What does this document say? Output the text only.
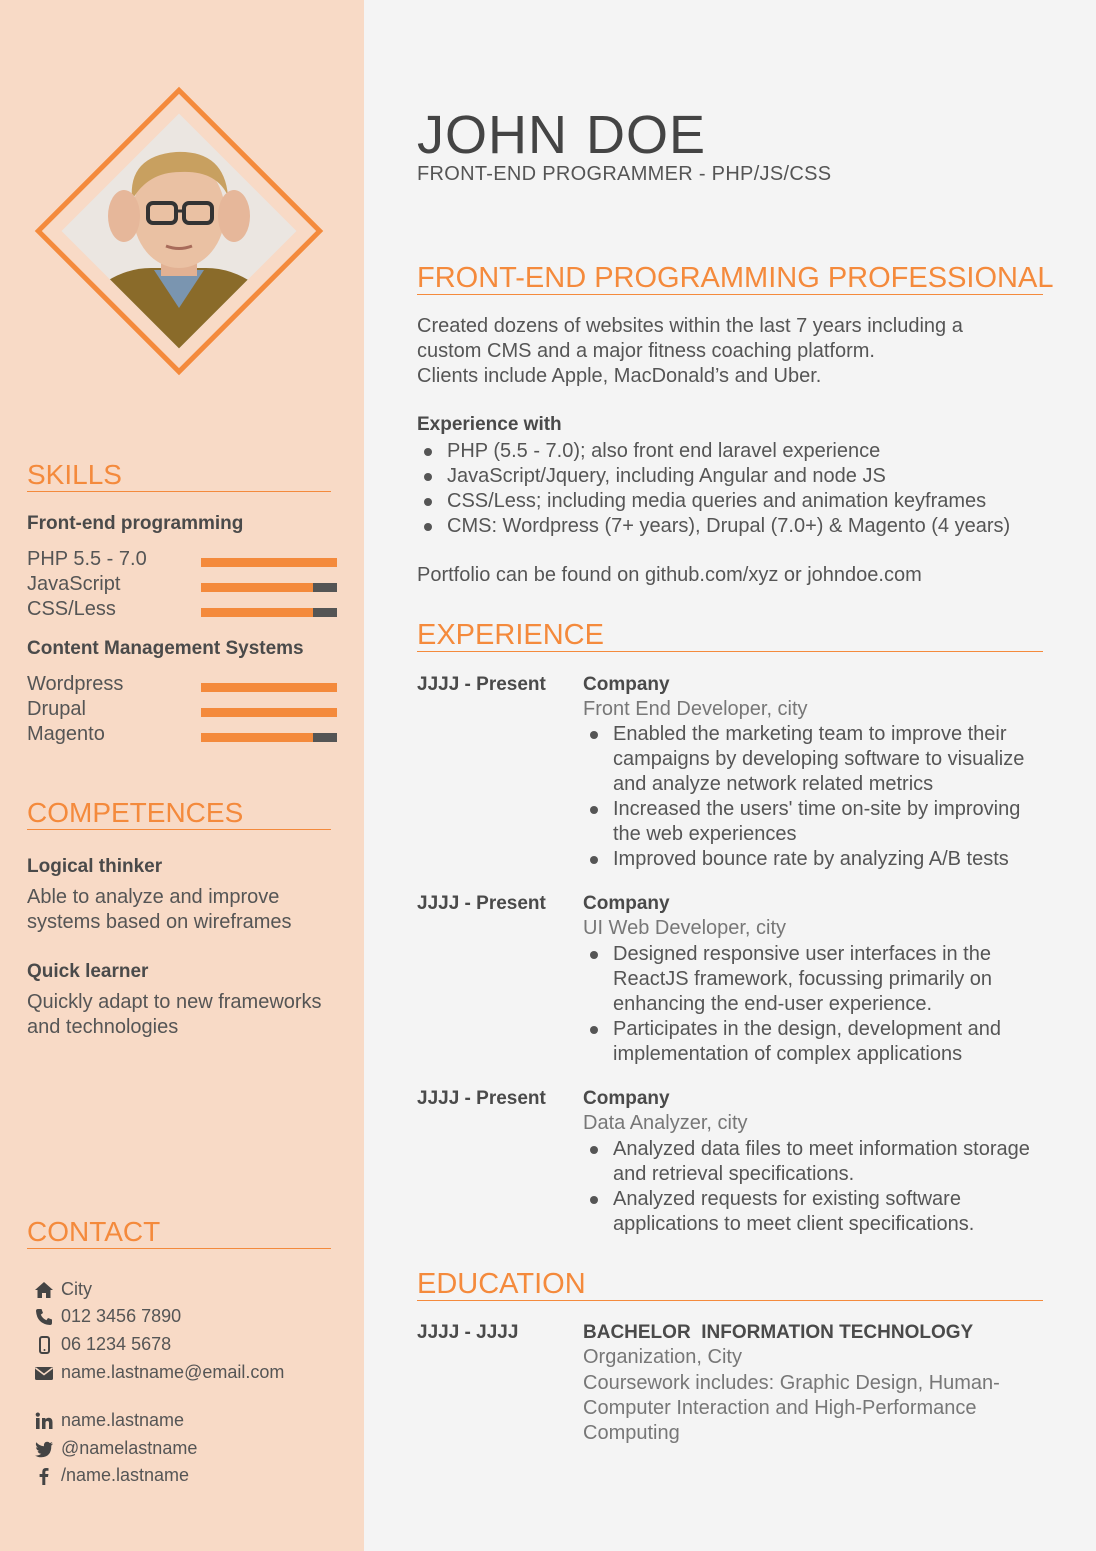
SKILLS
Front-end programming
PHP 5.5 - 7.0
JavaScript
CSS/Less
Content Management Systems
Wordpress
Drupal
Magento
COMPETENCES
Logical thinker
Able to analyze and improve systems based on wireframes
Quick learner
Quickly adapt to new frameworks and technologies
CONTACT
City
012 3456 7890
06 1234 5678
name.lastname@email.com
name.lastname
@namelastname
/name.lastname
JOHN DOE
FRONT-END PROGRAMMER - PHP/JS/CSS
FRONT-END PROGRAMMING PROFESSIONAL
Created dozens of websites within the last 7 years including a
custom CMS and a major fitness coaching platform.
Clients include Apple, MacDonald’s and Uber.
Experience with
PHP (5.5 - 7.0); also front end laravel experience
JavaScript/Jquery, including Angular and node JS
CSS/Less; including media queries and animation keyframes
CMS: Wordpress (7+ years), Drupal (7.0+) & Magento (4 years)
Portfolio can be found on github.com/xyz or johndoe.com
EXPERIENCE
JJJJ - Present Company
Front End Developer, city
Enabled the marketing team to improve their campaigns by developing software to visualize and analyze network related metrics
Increased the users' time on-site by improving the web experiences
Improved bounce rate by analyzing A/B tests
JJJJ - Present Company
UI Web Developer, city
Designed responsive user interfaces in the ReactJS framework, focussing primarily on enhancing the end-user experience.
Participates in the design, development and implementation of complex applications
JJJJ - Present Company
Data Analyzer, city
Analyzed data files to meet information storage and retrieval specifications.
Analyzed requests for existing software applications to meet client specifications.
EDUCATION
JJJJ - JJJJ	BACHELOR  INFORMATION TECHNOLOGY
Organization, City
Coursework includes: Graphic Design, Human-Computer Interaction and High-Performance Computing
